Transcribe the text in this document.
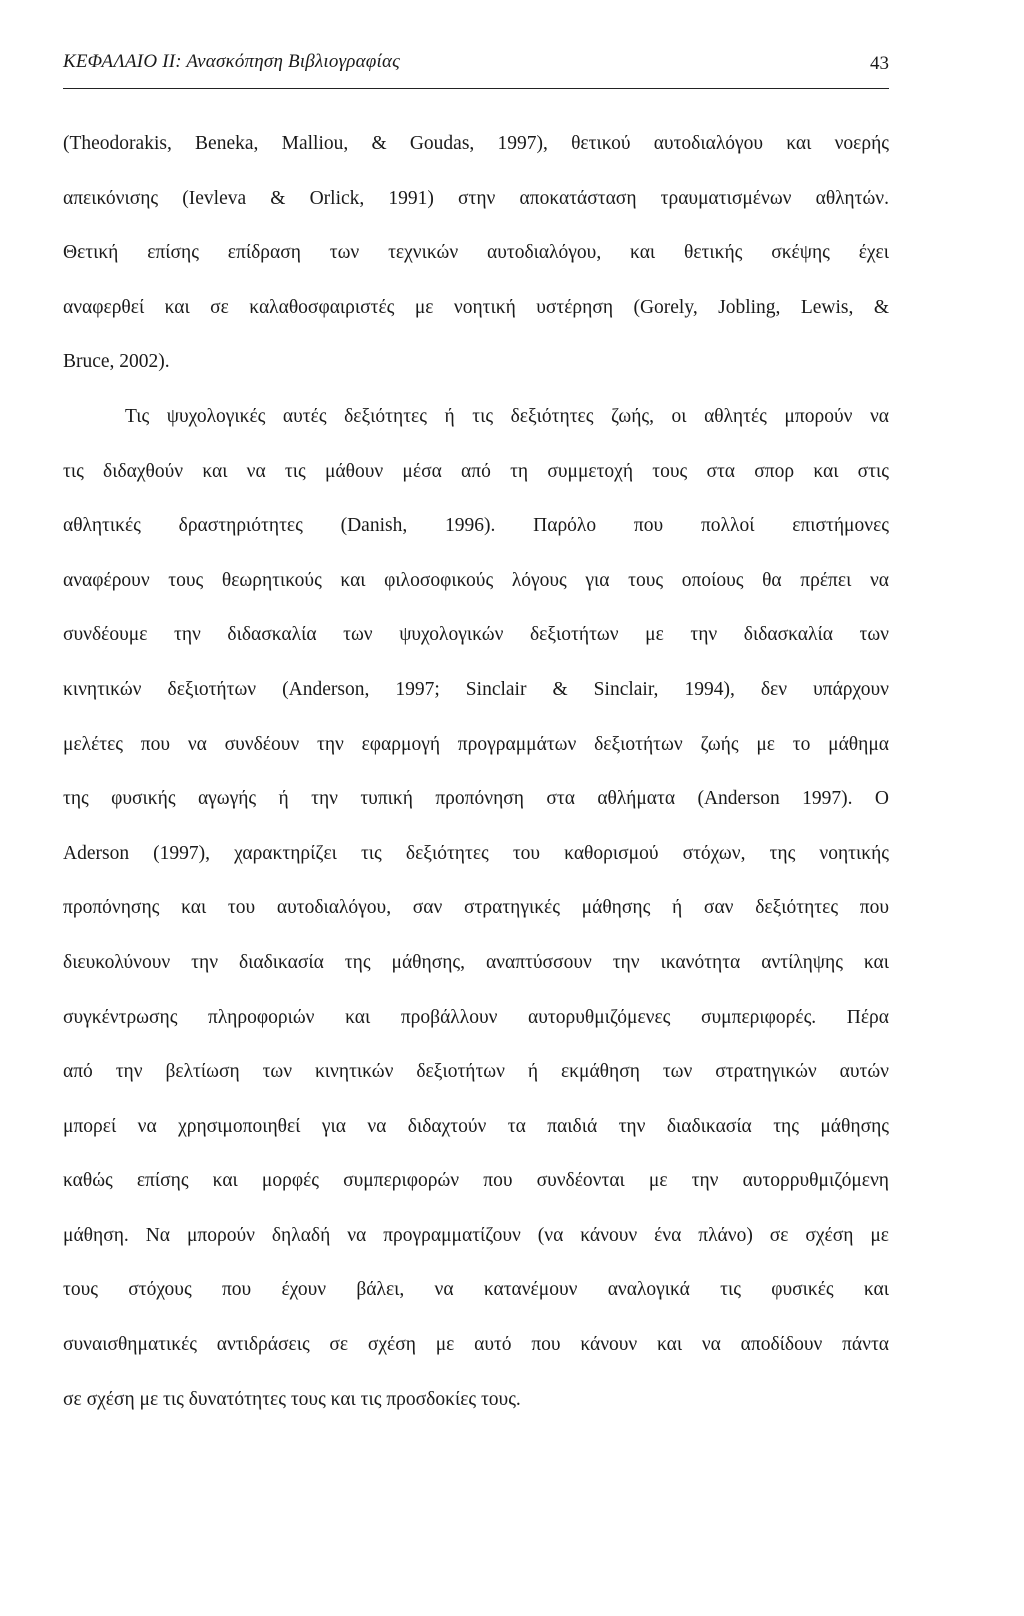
ΚΕΦΑΛΑΙΟ ΙΙ: Ανασκόπηση Βιβλιογραφίας	43
(Theodorakis, Beneka, Malliou, & Goudas, 1997), θετικού αυτοδιαλόγου και νοερής
απεικόνισης (Ievleva & Orlick, 1991) στην αποκατάσταση τραυματισμένων αθλητών.
Θετική επίσης επίδραση των τεχνικών αυτοδιαλόγου, και θετικής σκέψης έχει
αναφερθεί και σε καλαθοσφαιριστές με νοητική υστέρηση (Gorely, Jobling, Lewis, &
Bruce, 2002).
Τις ψυχολογικές αυτές δεξιότητες ή τις δεξιότητες ζωής, οι αθλητές μπορούν να
τις διδαχθούν και να τις μάθουν μέσα από τη συμμετοχή τους στα σπορ και στις
αθλητικές δραστηριότητες (Danish, 1996). Παρόλο που πολλοί επιστήμονες
αναφέρουν τους θεωρητικούς και φιλοσοφικούς λόγους για τους οποίους θα πρέπει να
συνδέουμε την διδασκαλία των ψυχολογικών δεξιοτήτων με την διδασκαλία των
κινητικών δεξιοτήτων (Anderson, 1997; Sinclair & Sinclair, 1994), δεν υπάρχουν
μελέτες που να συνδέουν την εφαρμογή προγραμμάτων δεξιοτήτων ζωής με το μάθημα
της φυσικής αγωγής ή την τυπική προπόνηση στα αθλήματα (Anderson 1997). Ο
Aderson (1997), χαρακτηρίζει τις δεξιότητες του καθορισμού στόχων, της νοητικής
προπόνησης και του αυτοδιαλόγου, σαν στρατηγικές μάθησης ή σαν δεξιότητες που
διευκολύνουν την διαδικασία της μάθησης, αναπτύσσουν την ικανότητα αντίληψης και
συγκέντρωσης πληροφοριών και προβάλλουν αυτορυθμιζόμενες συμπεριφορές. Πέρα
από την βελτίωση των κινητικών δεξιοτήτων ή εκμάθηση των στρατηγικών αυτών
μπορεί να χρησιμοποιηθεί για να διδαχτούν τα παιδιά την διαδικασία της μάθησης
καθώς επίσης και μορφές συμπεριφορών που συνδέονται με την αυτορρυθμιζόμενη
μάθηση. Να μπορούν δηλαδή να προγραμματίζουν (να κάνουν ένα πλάνο) σε σχέση με
τους στόχους που έχουν βάλει, να κατανέμουν αναλογικά τις φυσικές και
συναισθηματικές αντιδράσεις σε σχέση με αυτό που κάνουν και να αποδίδουν πάντα
σε σχέση με τις δυνατότητες τους και τις προσδοκίες τους.
